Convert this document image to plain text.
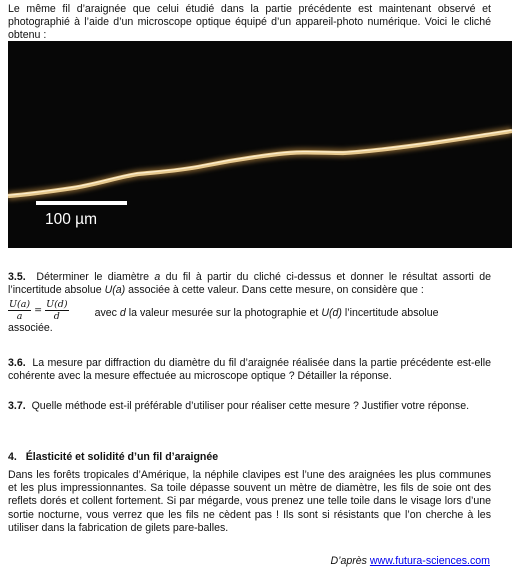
Le même fil d’araignée que celui étudié dans la partie précédente est maintenant observé et photographié à l’aide d’un microscope optique équipé d’un appareil-photo numérique. Voici le cliché obtenu :

100 µm
3.5. Déterminer le diamètre a du fil à partir du cliché ci-dessus et donner le résultat assorti de l’incertitude absolue U(a) associée à cette valeur. Dans cette mesure, on considère que :
$\frac{U(a)}{a} = \frac{U(d)}{d}$ avec d la valeur mesurée sur la photographie et U(d) l’incertitude absolue
associée.

3.6. La mesure par diffraction du diamètre du fil d’araignée réalisée dans la partie précédente est-elle cohérente avec la mesure effectuée au microscope optique ? Détailler la réponse.

3.7. Quelle méthode est-il préférable d’utiliser pour réaliser cette mesure ? Justifier votre réponse.

4. Élasticité et solidité d’un fil d’araignée

Dans les forêts tropicales d’Amérique, la néphile clavipes est l’une des araignées les plus communes et les plus impressionnantes. Sa toile dépasse souvent un mètre de diamètre, les fils de soie ont des reflets dorés et collent fortement. Si par mégarde, vous prenez une telle toile dans le visage lors d’une sortie nocturne, vous verrez que les fils ne cèdent pas ! Ils sont si résistants que l’on cherche à les utiliser dans la fabrication de gilets pare-balles.

D’après www.futura-sciences.com
